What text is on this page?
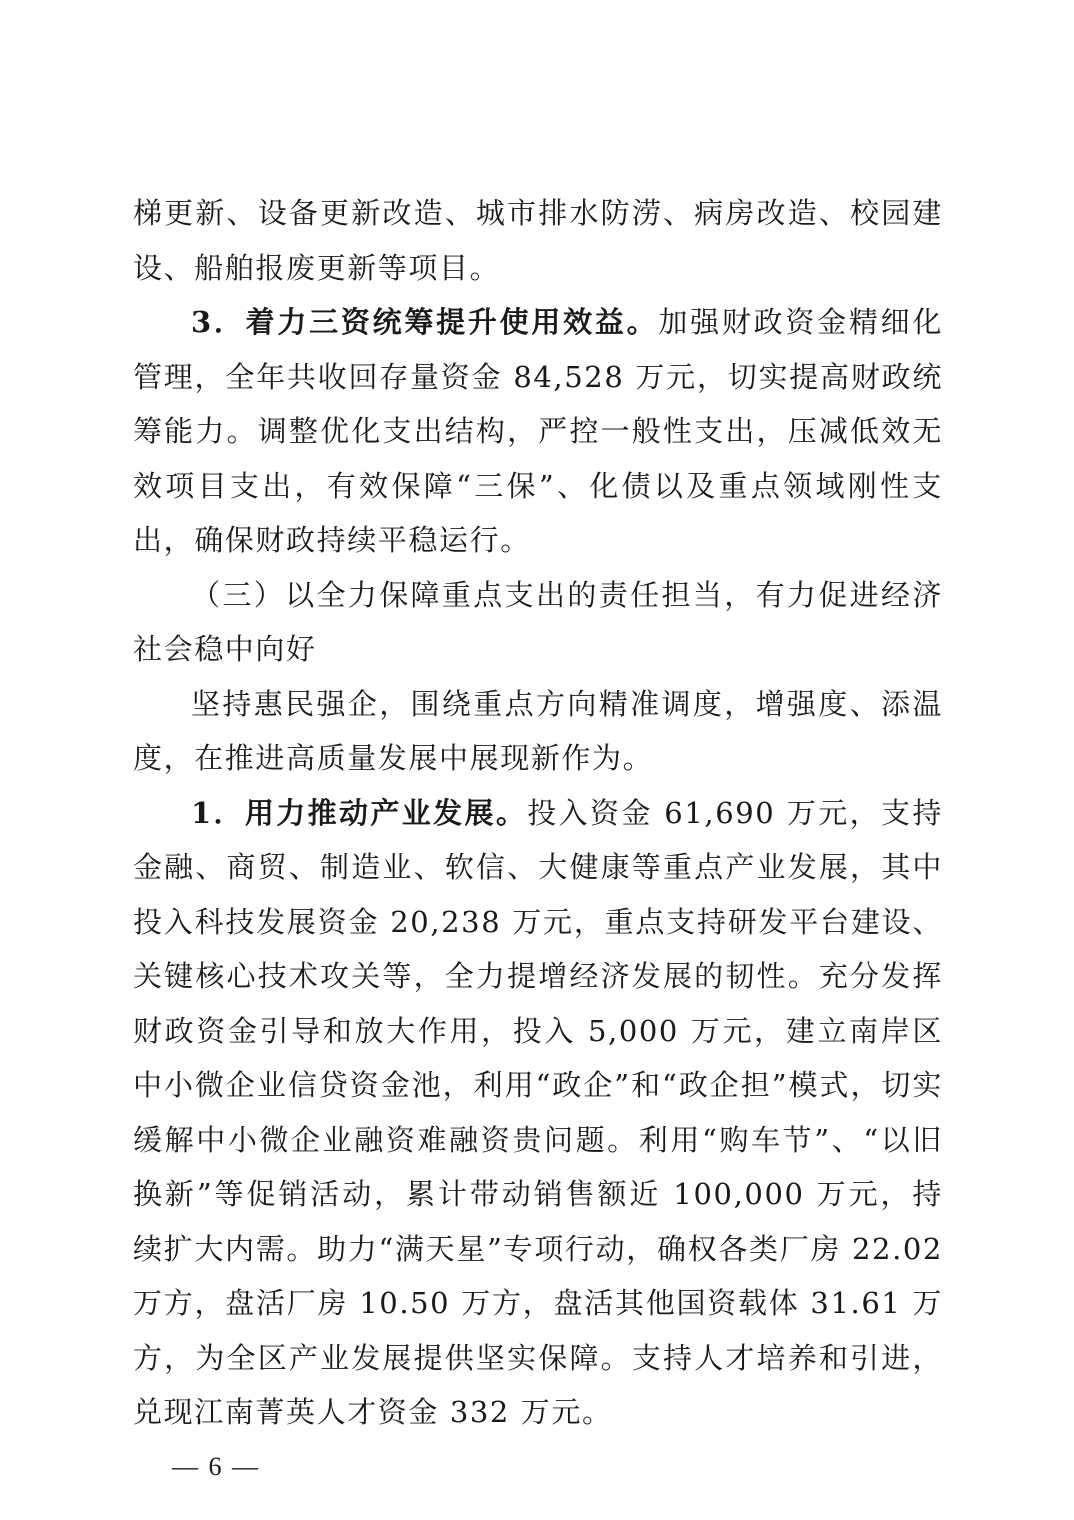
梯更新、设备更新改造、城市排水防涝、病房改造、校园建设、船舶报废更新等项目。

3．着力三资统筹提升使用效益。加强财政资金精细化管理，全年共收回存量资金 84,528 万元，切实提高财政统筹能力。调整优化支出结构，严控一般性支出，压减低效无效项目支出，有效保障“三保”、化债以及重点领域刚性支出，确保财政持续平稳运行。

（三）以全力保障重点支出的责任担当，有力促进经济社会稳中向好

坚持惠民强企，围绕重点方向精准调度，增强度、添温度，在推进高质量发展中展现新作为。

1．用力推动产业发展。投入资金 61,690 万元，支持金融、商贸、制造业、软信、大健康等重点产业发展，其中投入科技发展资金 20,238 万元，重点支持研发平台建设、关键核心技术攻关等，全力提增经济发展的韧性。充分发挥财政资金引导和放大作用，投入 5,000 万元，建立南岸区中小微企业信贷资金池，利用“政企”和“政企担”模式，切实缓解中小微企业融资难融资贵问题。利用“购车节”、“以旧换新”等促销活动，累计带动销售额近 100,000 万元，持续扩大内需。助力“满天星”专项行动，确权各类厂房 22.02 万方，盘活厂房 10.50 万方，盘活其他国资载体 31.61 万方，为全区产业发展提供坚实保障。支持人才培养和引进，兑现江南菁英人才资金 332 万元。

— 6 —
